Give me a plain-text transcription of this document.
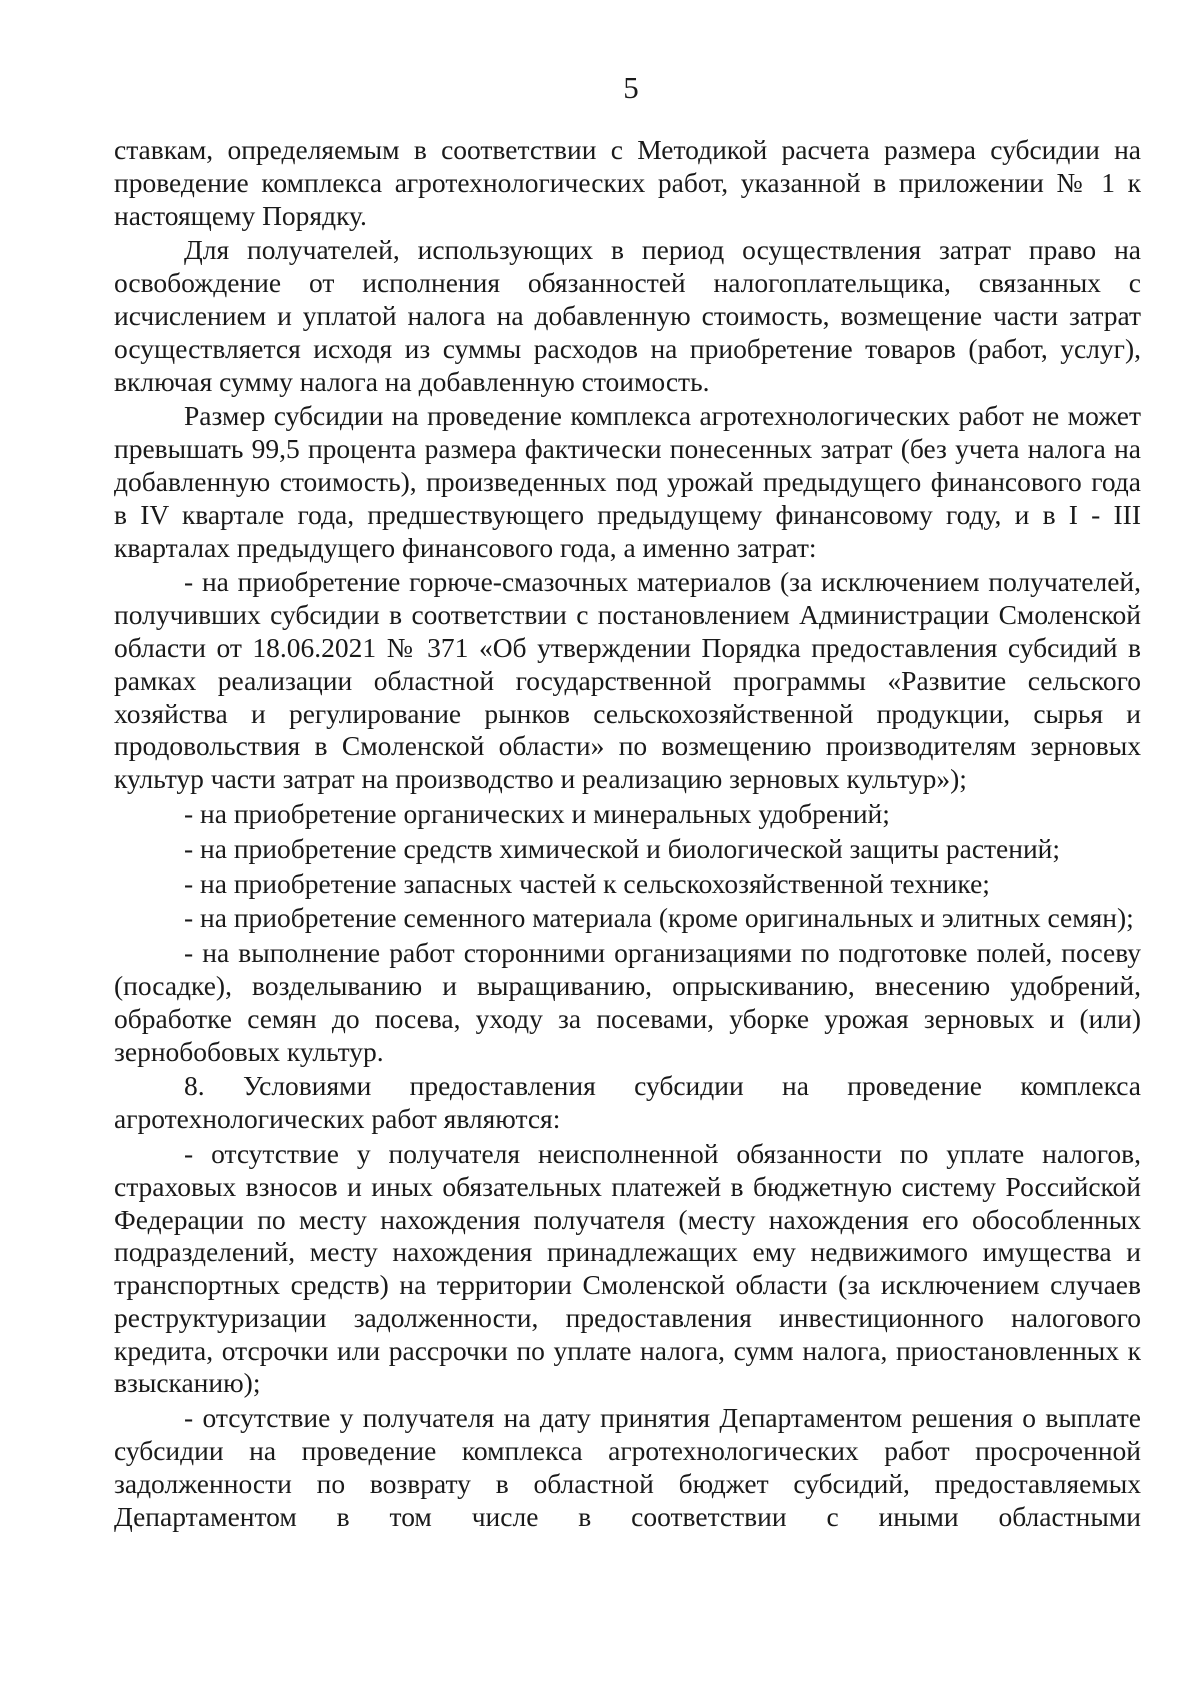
5

ставкам, определяемым в соответствии с Методикой расчета размера субсидии на проведение комплекса агротехнологических работ, указанной в приложении № 1 к настоящему Порядку.

Для получателей, использующих в период осуществления затрат право на освобождение от исполнения обязанностей налогоплательщика, связанных с исчислением и уплатой налога на добавленную стоимость, возмещение части затрат осуществляется исходя из суммы расходов на приобретение товаров (работ, услуг), включая сумму налога на добавленную стоимость.

Размер субсидии на проведение комплекса агротехнологических работ не может превышать 99,5 процента размера фактически понесенных затрат (без учета налога на добавленную стоимость), произведенных под урожай предыдущего финансового года в IV квартале года, предшествующего предыдущему финансовому году, и в I - III кварталах предыдущего финансового года, а именно затрат:

- на приобретение горюче-смазочных материалов (за исключением получателей, получивших субсидии в соответствии с постановлением Администрации Смоленской области от 18.06.2021 № 371 «Об утверждении Порядка предоставления субсидий в рамках реализации областной государственной программы «Развитие сельского хозяйства и регулирование рынков сельскохозяйственной продукции, сырья и продовольствия в Смоленской области» по возмещению производителям зерновых культур части затрат на производство и реализацию зерновых культур»);

- на приобретение органических и минеральных удобрений;

- на приобретение средств химической и биологической защиты растений;

- на приобретение запасных частей к сельскохозяйственной технике;

- на приобретение семенного материала (кроме оригинальных и элитных семян);

- на выполнение работ сторонними организациями по подготовке полей, посеву (посадке), возделыванию и выращиванию, опрыскиванию, внесению удобрений, обработке семян до посева, уходу за посевами, уборке урожая зерновых и (или) зернобобовых культур.

8. Условиями предоставления субсидии на проведение комплекса агротехнологических работ являются:

- отсутствие у получателя неисполненной обязанности по уплате налогов, страховых взносов и иных обязательных платежей в бюджетную систему Российской Федерации по месту нахождения получателя (месту нахождения его обособленных подразделений, месту нахождения принадлежащих ему недвижимого имущества и транспортных средств) на территории Смоленской области (за исключением случаев реструктуризации задолженности, предоставления инвестиционного налогового кредита, отсрочки или рассрочки по уплате налога, сумм налога, приостановленных к взысканию);

- отсутствие у получателя на дату принятия Департаментом решения о выплате субсидии на проведение комплекса агротехнологических работ просроченной задолженности по возврату в областной бюджет субсидий, предоставляемых Департаментом в том числе в соответствии с иными областными
